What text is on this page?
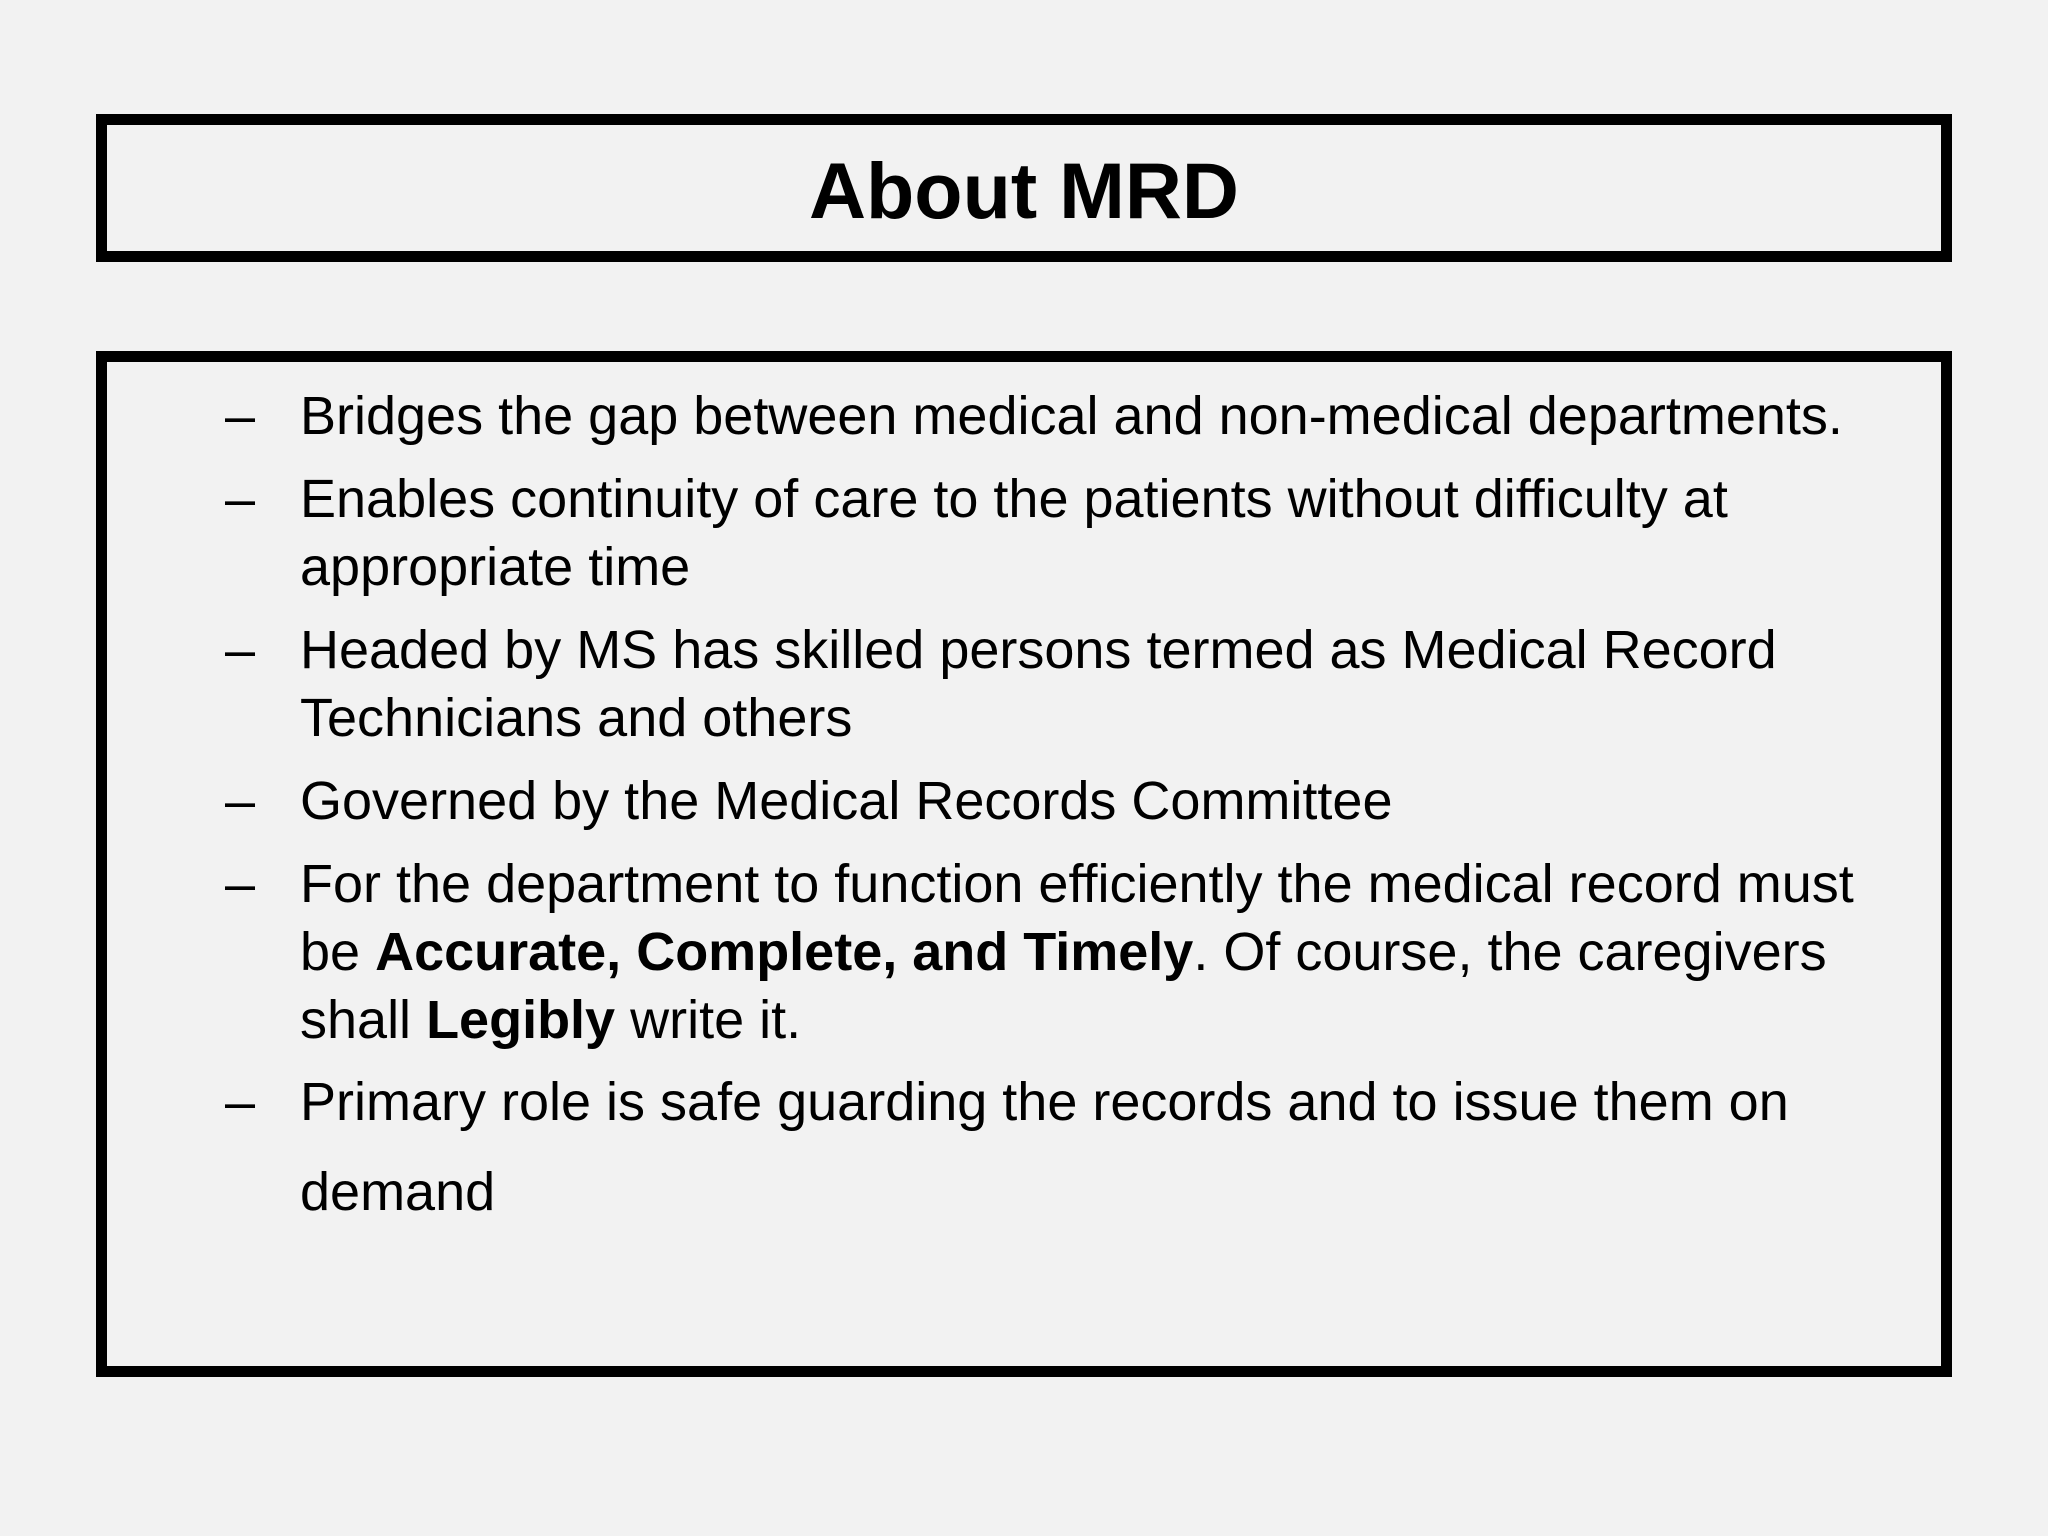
About MRD
– Bridges the gap between medical and non-medical departments.
– Enables continuity of care to the patients without difficulty at appropriate time
– Headed by MS has skilled persons termed as Medical Record Technicians and others
– Governed by the Medical Records Committee
– For the department to function efficiently the medical record must be Accurate, Complete, and Timely. Of course, the caregivers shall Legibly write it.
– Primary role is safe guarding the records and to issue them on demand
